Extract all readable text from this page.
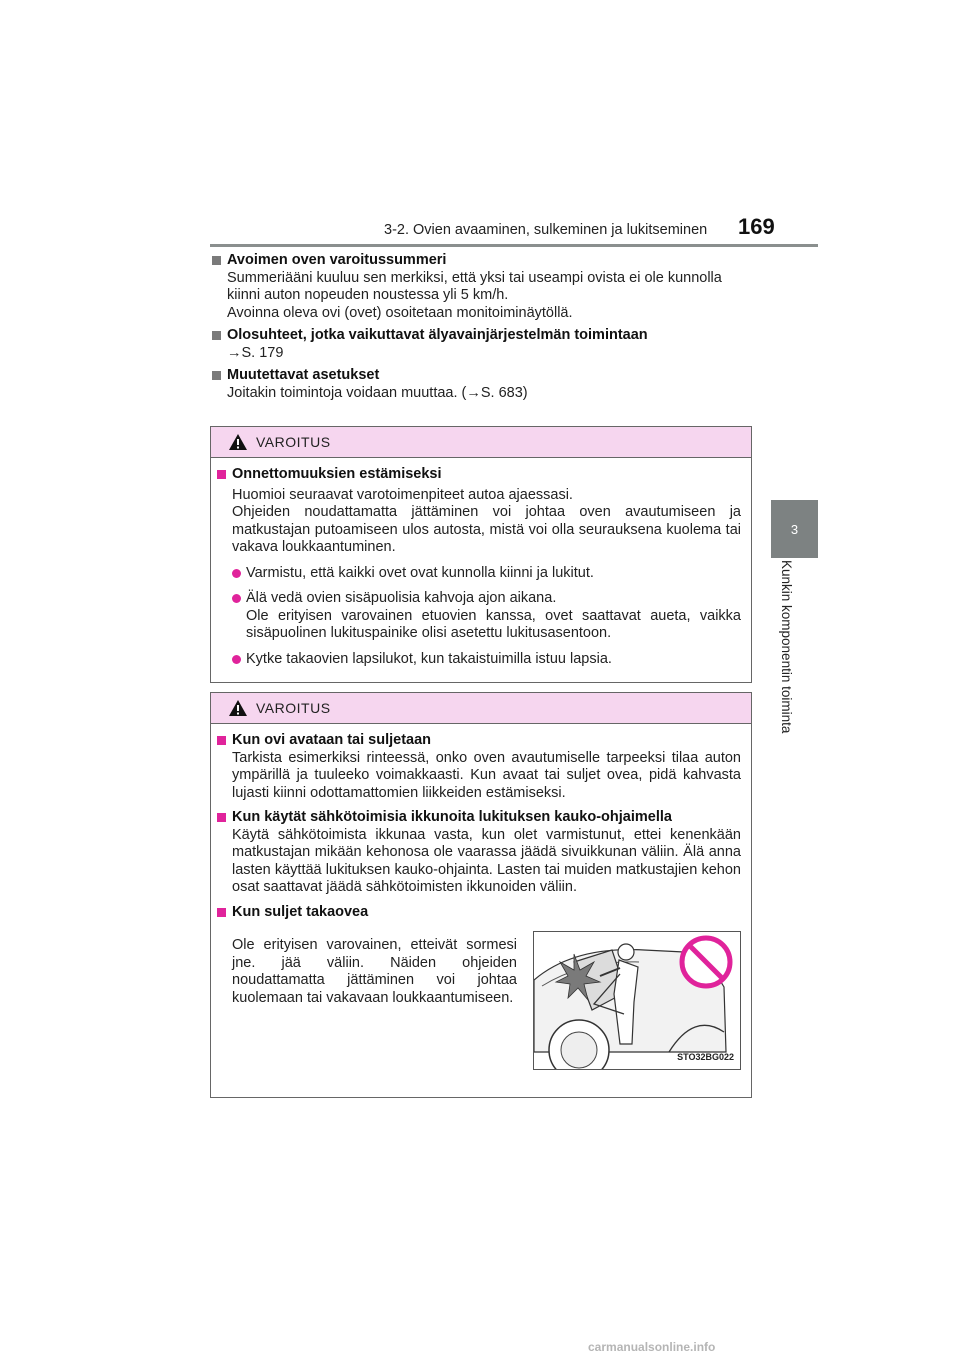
3-2. Ovien avaaminen, sulkeminen ja lukitseminen 169
3
Kunkin komponentin toiminta
Avoimen oven varoitussummeri
Summeriääni kuuluu sen merkiksi, että yksi tai useampi ovista ei ole kunnolla
kiinni auton nopeuden noustessa yli 5 km/h.
Avoinna oleva ovi (ovet) osoitetaan monitoiminäytöllä.
Olosuhteet, jotka vaikuttavat älyavainjärjestelmän toimintaan
→S. 179
Muutettavat asetukset
Joitakin toimintoja voidaan muuttaa. (→S. 683)
VAROITUS
Onnettomuuksien estämiseksi
Huomioi seuraavat varotoimenpiteet autoa ajaessasi.
Ohjeiden noudattamatta jättäminen voi johtaa oven avautumiseen ja matkustajan putoamiseen ulos autosta, mistä voi olla seurauksena kuolema tai vakava loukkaantuminen.
Varmistu, että kaikki ovet ovat kunnolla kiinni ja lukitut.
Älä vedä ovien sisäpuolisia kahvoja ajon aikana.
Ole erityisen varovainen etuovien kanssa, ovet saattavat aueta, vaikka sisäpuolinen lukituspainike olisi asetettu lukitusasentoon.
Kytke takaovien lapsilukot, kun takaistuimilla istuu lapsia.
VAROITUS
Kun ovi avataan tai suljetaan
Tarkista esimerkiksi rinteessä, onko oven avautumiselle tarpeeksi tilaa auton ympärillä ja tuuleeko voimakkaasti. Kun avaat tai suljet ovea, pidä kahvasta lujasti kiinni odottamattomien liikkeiden estämiseksi.
Kun käytät sähkötoimisia ikkunoita lukituksen kauko-ohjaimella
Käytä sähkötoimista ikkunaa vasta, kun olet varmistunut, ettei kenenkään matkustajan mikään kehonosa ole vaarassa jäädä sivuikkunan väliin. Älä anna lasten käyttää lukituksen kauko-ohjainta. Lasten tai muiden matkustajien kehon osat saattavat jäädä sähkötoimisten ikkunoiden väliin.
Kun suljet takaovea
Ole erityisen varovainen, etteivät sormesi jne. jää väliin. Näiden ohjeiden noudattamatta jättäminen voi johtaa kuolemaan tai vakavaan loukkaantumiseen.
STO32BG022
carmanualsonline.info
